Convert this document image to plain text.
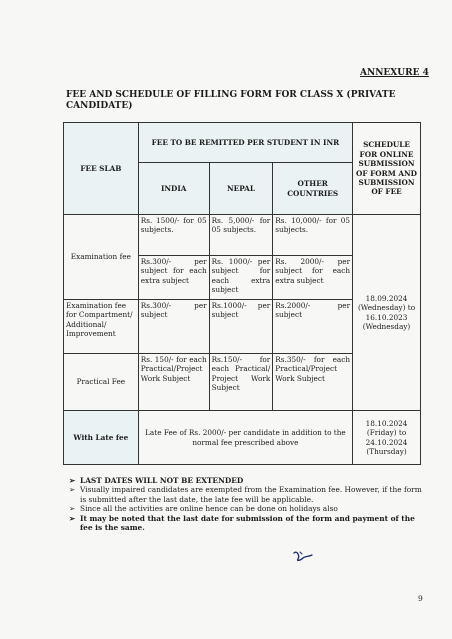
ANNEXURE 4
FEE AND SCHEDULE OF FILLING FORM FOR CLASS X (PRIVATE
CANDIDATE)
FEE SLAB	FEE TO BE REMITTED PER STUDENT IN INR			SCHEDULE FOR ONLINE SUBMISSION OF FORM AND SUBMISSION OF FEE
	INDIA	NEPAL	OTHER COUNTRIES	
Examination fee	Rs. 1500/- for 05 subjects.	Rs. 5,000/- for 05 subjects.	Rs. 10,000/- for 05 subjects.	18.09.2024 (Wednesday) to 16.10.2023 (Wednesday)
	Rs.300/- per subject for each extra subject	Rs. 1000/- per subject for each extra subject	Rs. 2000/- per subject for each extra subject	
Examination fee for Compartment/ Additional/ Improvement	Rs.300/- per subject	Rs.1000/- per subject	Rs.2000/- per subject	
Practical Fee	Rs. 150/- for each Practical/Project Work Subject	Rs.150/- for each Practical/ Project Work Subject	Rs.350/- for each Practical/Project Work Subject	
With Late fee	Late Fee of Rs. 2000/- per candidate in addition to the normal fee prescribed above			18.10.2024 (Friday) to 24.10.2024 (Thursday)
➢ LAST DATES WILL NOT BE EXTENDED
➢ Visually impaired candidates are exempted from the Examination fee. However, if the form is submitted after the last date, the late fee will be applicable.
➢ Since all the activities are online hence can be done on holidays also
➢ It may be noted that the last date for submission of the form and payment of the fee is the same.
9
